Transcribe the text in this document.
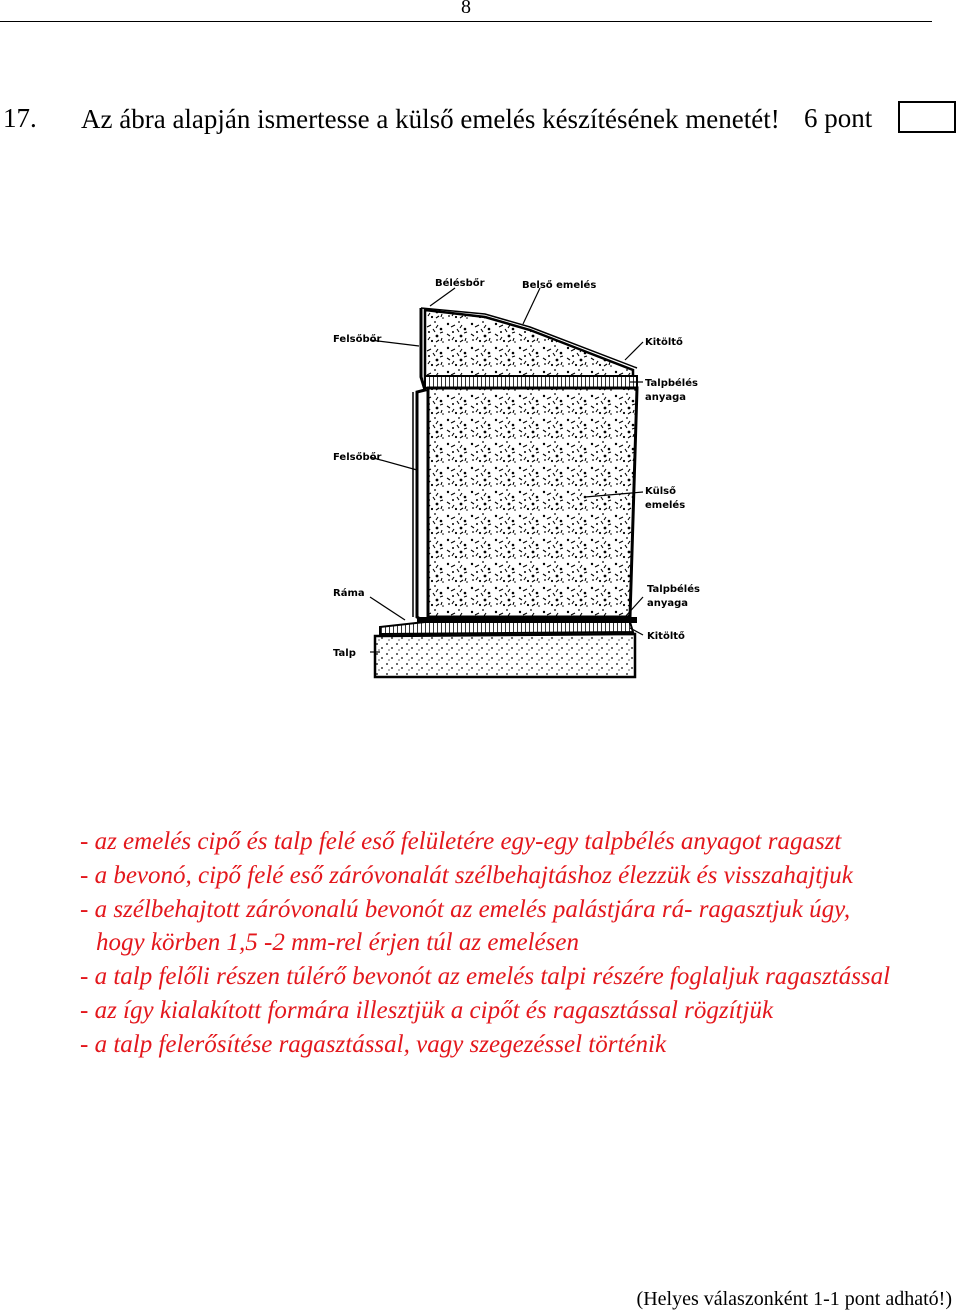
8
17. Az ábra alapján ismertesse a külső emelés készítésének menetét! 6 pont
Bélésbőr	Belső emelés
Felsőbőr	Kitöltő
Talpbélés
anyaga
Felsőbőr
Külső
emelés
Ráma	Talpbélés
anyaga
Kitöltő
Talp
- az emelés cipő és talp felé eső felületére egy-egy talpbélés anyagot ragaszt
- a bevonó, cipő felé eső záróvonalát szélbehajtáshoz élezzük és visszahajtjuk
- a szélbehajtott záróvonalú bevonót az emelés palástjára rá- ragasztjuk úgy, hogy körben 1,5 -2 mm-rel érjen túl az emelésen
- a talp felőli részen túlérő bevonót az emelés talpi részére foglaljuk ragasztással
- az így kialakított formára illesztjük a cipőt és ragasztással rögzítjük
- a talp felerősítése ragasztással, vagy szegezéssel történik
(Helyes válaszonként 1-1 pont adható!)
